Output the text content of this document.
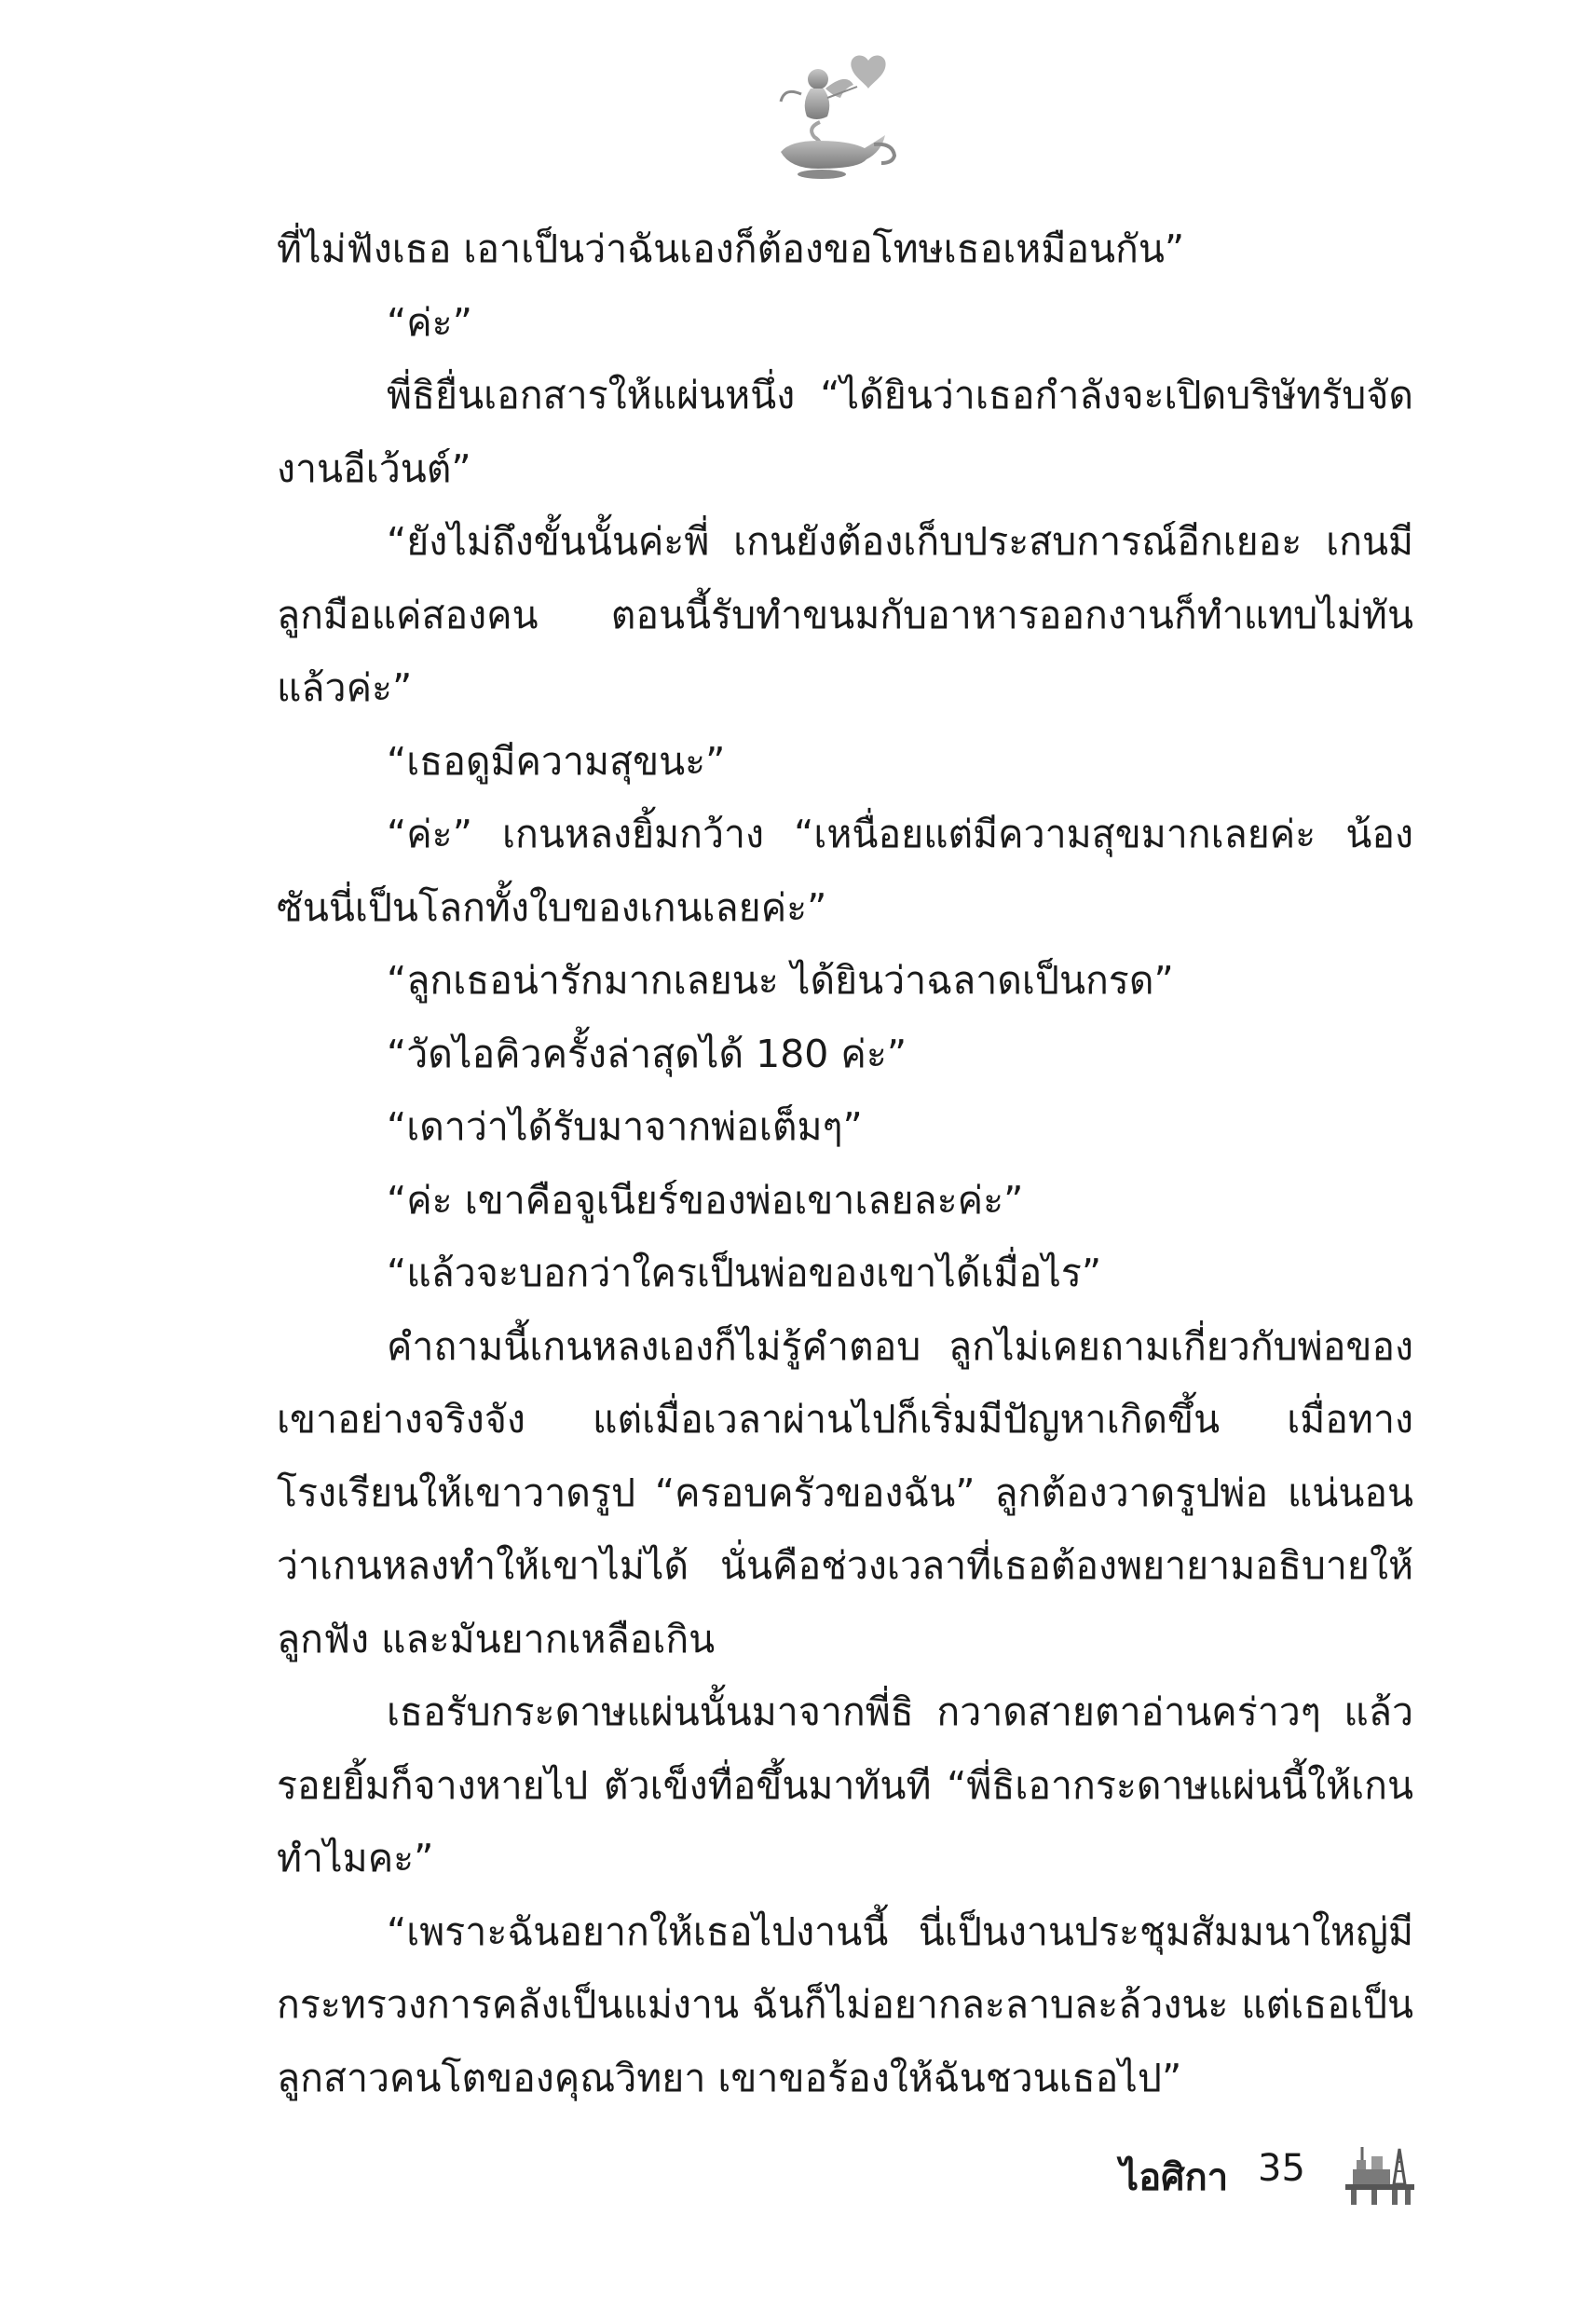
ที่ไม่ฟังเธอ เอาเป็นว่าฉันเองก็ต้องขอโทษเธอเหมือนกัน”

“ค่ะ”

พี่ธิยื่นเอกสารให้แผ่นหนึ่ง “ได้ยินว่าเธอกำลังจะเปิดบริษัทรับจัดงานอีเว้นต์”

“ยังไม่ถึงขั้นนั้นค่ะพี่ เกนยังต้องเก็บประสบการณ์อีกเยอะ เกนมีลูกมือแค่สองคน ตอนนี้รับทำขนมกับอาหารออกงานก็ทำแทบไม่ทันแล้วค่ะ”

“เธอดูมีความสุขนะ”

“ค่ะ” เกนหลงยิ้มกว้าง “เหนื่อยแต่มีความสุขมากเลยค่ะ น้องซันนี่เป็นโลกทั้งใบของเกนเลยค่ะ”

“ลูกเธอน่ารักมากเลยนะ ได้ยินว่าฉลาดเป็นกรด”

“วัดไอคิวครั้งล่าสุดได้ 180 ค่ะ”

“เดาว่าได้รับมาจากพ่อเต็มๆ”

“ค่ะ เขาคือจูเนียร์ของพ่อเขาเลยละค่ะ”

“แล้วจะบอกว่าใครเป็นพ่อของเขาได้เมื่อไร”

คำถามนี้เกนหลงเองก็ไม่รู้คำตอบ ลูกไม่เคยถามเกี่ยวกับพ่อของเขาอย่างจริงจัง แต่เมื่อเวลาผ่านไปก็เริ่มมีปัญหาเกิดขึ้น เมื่อทางโรงเรียนให้เขาวาดรูป “ครอบครัวของฉัน” ลูกต้องวาดรูปพ่อ แน่นอนว่าเกนหลงทำให้เขาไม่ได้ นั่นคือช่วงเวลาที่เธอต้องพยายามอธิบายให้ลูกฟัง และมันยากเหลือเกิน

เธอรับกระดาษแผ่นนั้นมาจากพี่ธิ กวาดสายตาอ่านคร่าวๆ แล้วรอยยิ้มก็จางหายไป ตัวเข็งทื่อขึ้นมาทันที “พี่ธิเอากระดาษแผ่นนี้ให้เกนทำไมคะ”

“เพราะฉันอยากให้เธอไปงานนี้ นี่เป็นงานประชุมสัมมนาใหญ่มีกระทรวงการคลังเป็นแม่งาน ฉันก็ไม่อยากละลาบละล้วงนะ แต่เธอเป็นลูกสาวคนโตของคุณวิทยา เขาขอร้องให้ฉันชวนเธอไป”

ไอศิกา 35
